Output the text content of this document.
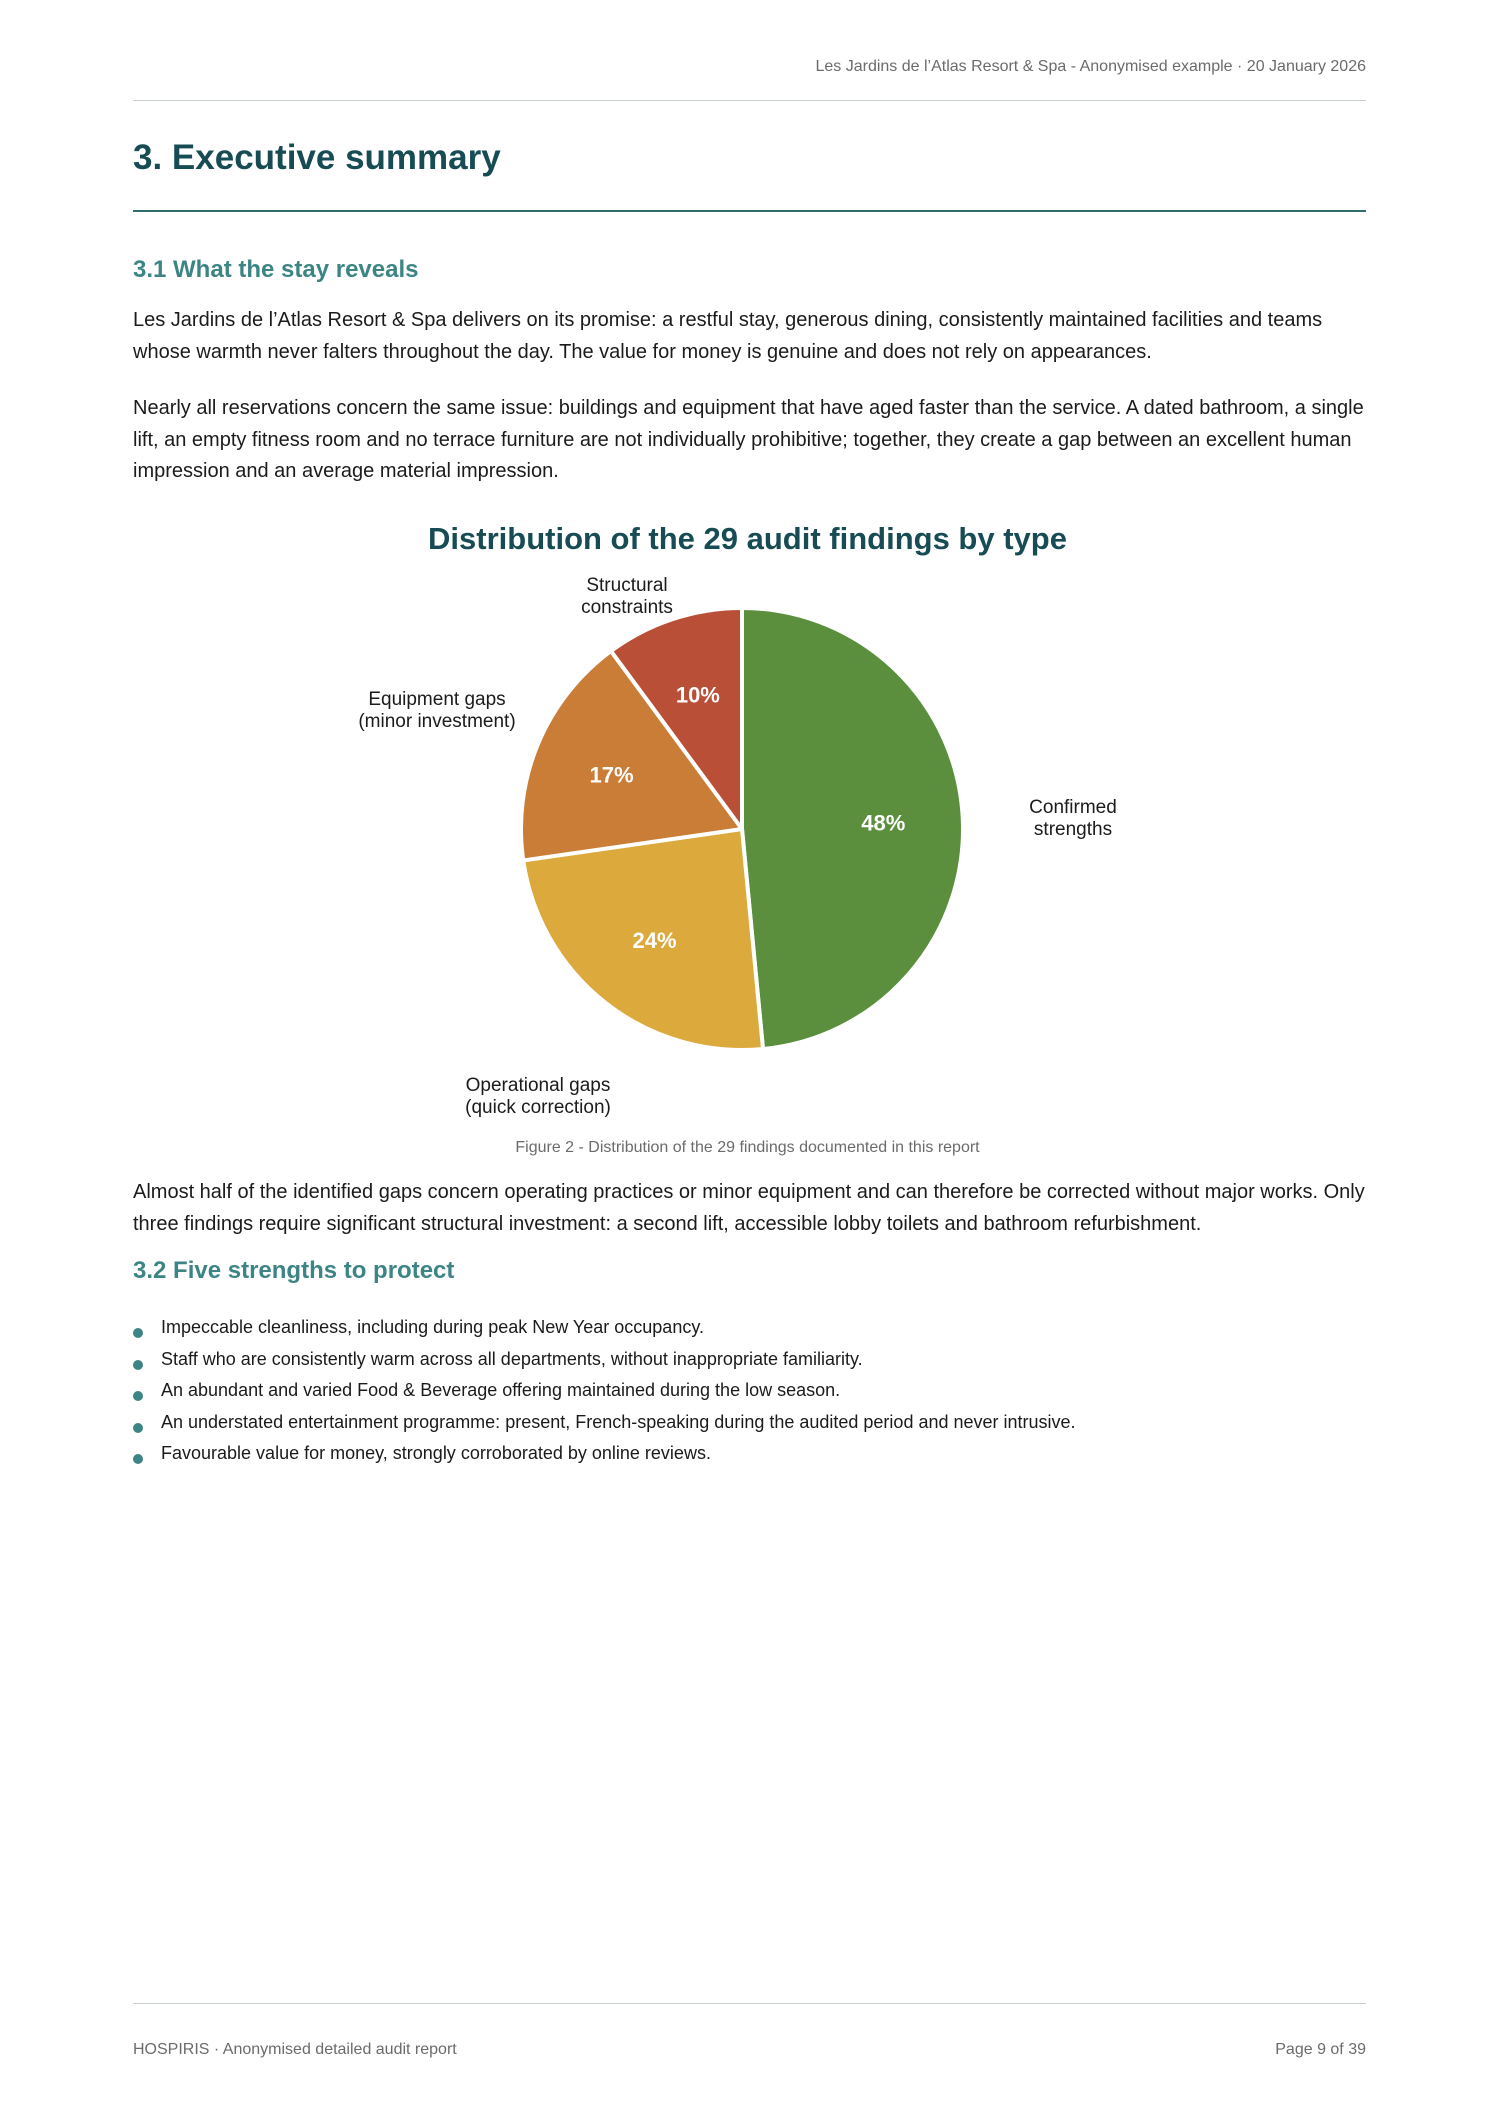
Les Jardins de l’Atlas Resort & Spa - Anonymised example · 20 January 2026
3. Executive summary
3.1 What the stay reveals

Les Jardins de l’Atlas Resort & Spa delivers on its promise: a restful stay, generous dining, consistently maintained facilities and teams whose warmth never falters throughout the day. The value for money is genuine and does not rely on appearances.

Nearly all reservations concern the same issue: buildings and equipment that have aged faster than the service. A dated bathroom, a single lift, an empty fitness room and no terrace furniture are not individually prohibitive; together, they create a gap between an excellent human impression and an average material impression.

Distribution of the 29 audit findings by type
48%
Confirmed strengths
24%
Operational gaps (quick correction)
17%
Equipment gaps (minor investment)
10%
Structural constraints
Figure 2 - Distribution of the 29 findings documented in this report

Almost half of the identified gaps concern operating practices or minor equipment and can therefore be corrected without major works. Only three findings require significant structural investment: a second lift, accessible lobby toilets and bathroom refurbishment.

3.2 Five strengths to protect
Impeccable cleanliness, including during peak New Year occupancy.
Staff who are consistently warm across all departments, without inappropriate familiarity.
An abundant and varied Food & Beverage offering maintained during the low season.
An understated entertainment programme: present, French-speaking during the audited period and never intrusive.
Favourable value for money, strongly corroborated by online reviews.
HOSPIRIS · Anonymised detailed audit report	Page 9 of 39
